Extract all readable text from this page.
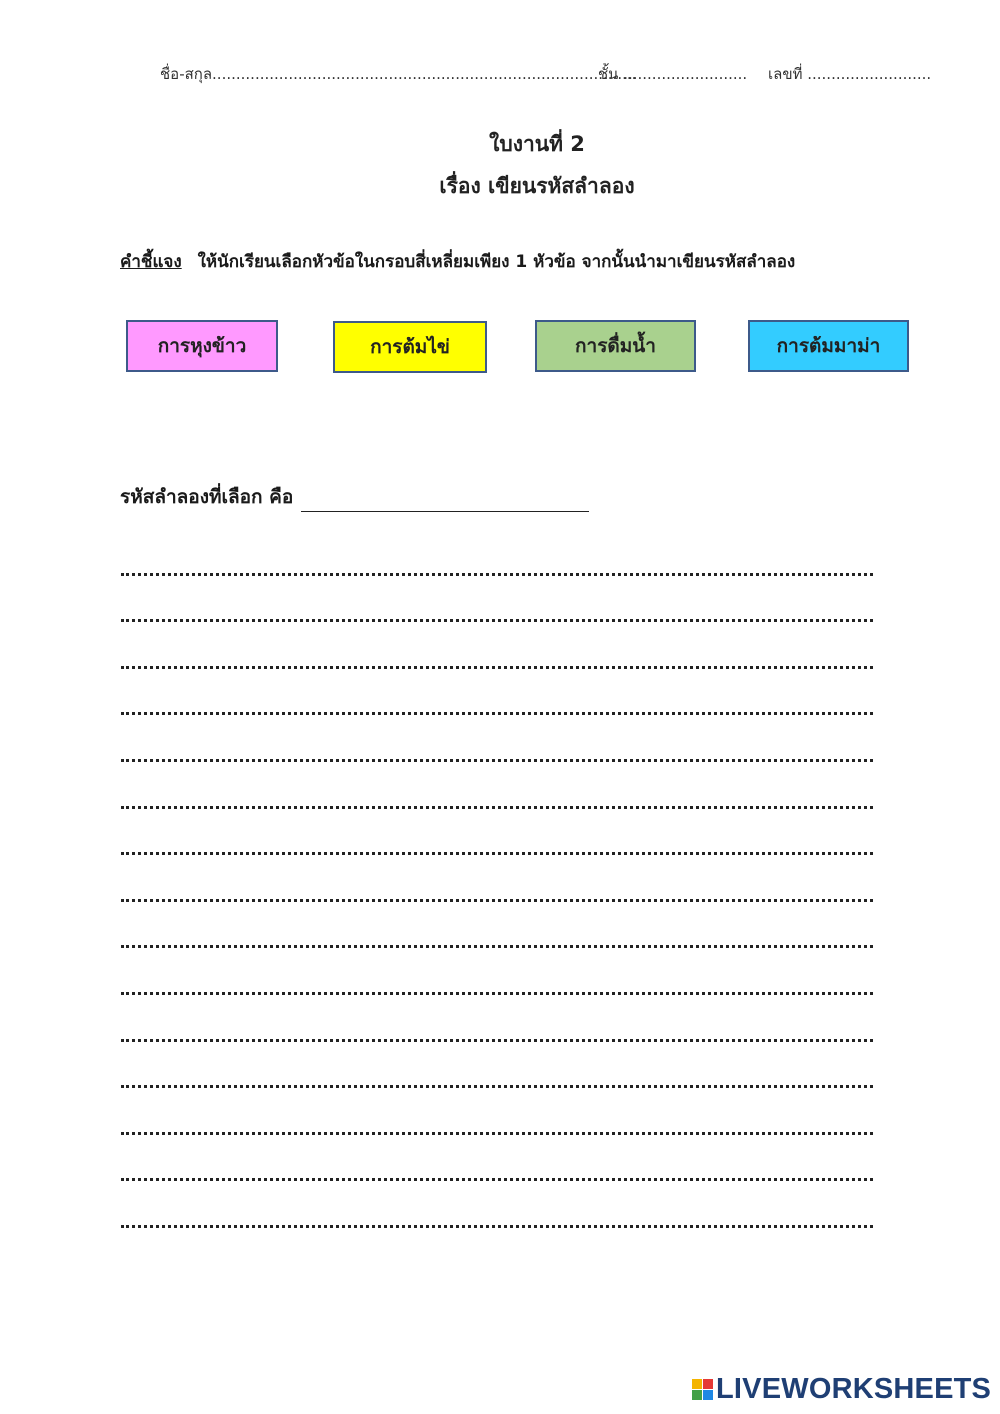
ชื่อ-สกุล.........................................................................................
ชั้น .......................... เลขที่ ..........................
ใบงานที่ 2
เรื่อง เขียนรหัสลำลอง
คำชี้แจง ให้นักเรียนเลือกหัวข้อในกรอบสี่เหลี่ยมเพียง 1 หัวข้อ จากนั้นนำมาเขียนรหัสลำลอง
การหุงข้าว	การต้มไข่	การดื่มน้ำ	การต้มมาม่า
รหัสลำลองที่เลือก คือ
LIVEWORKSHEETS
